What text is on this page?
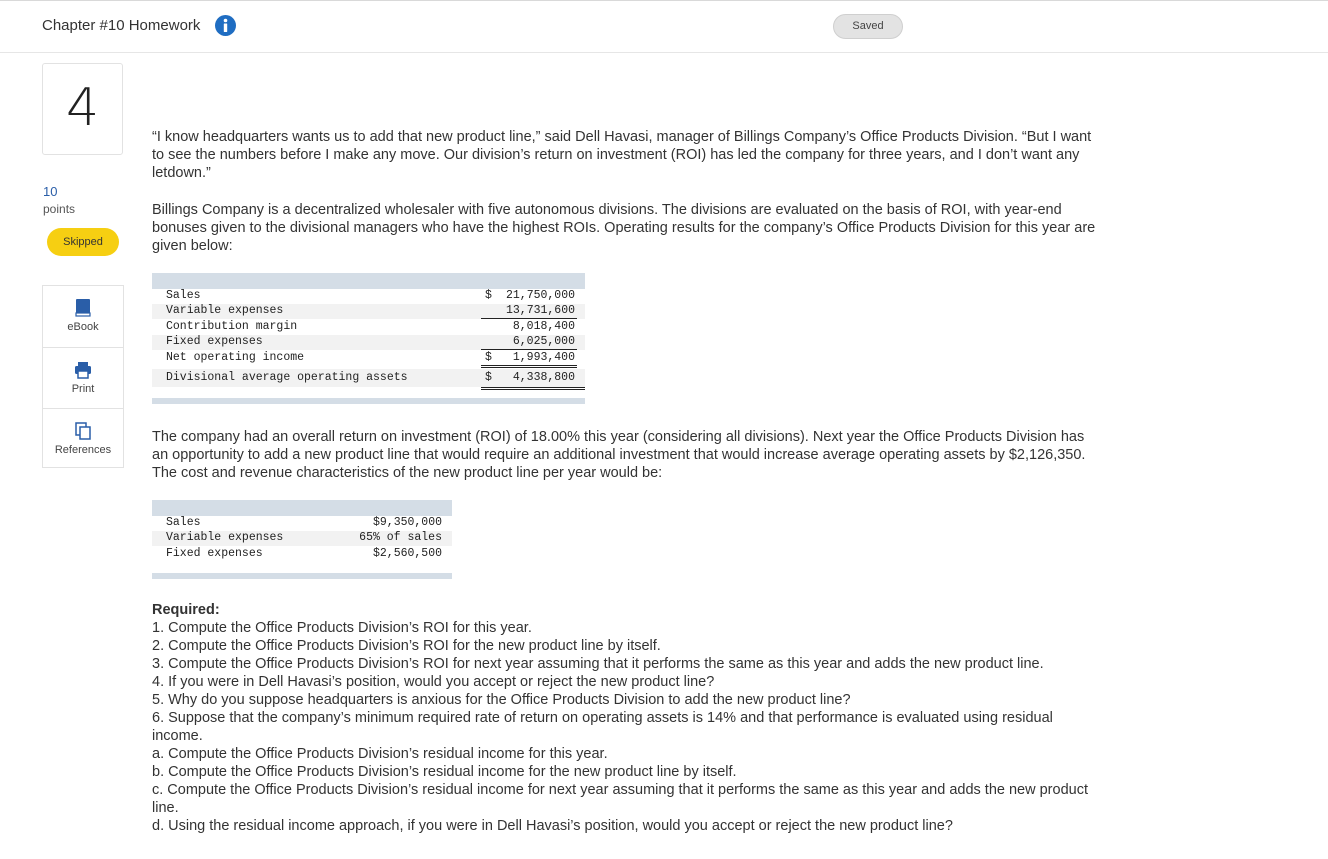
Chapter #10 Homework	Saved
4
10
points
Skipped
eBook
Print
References
“I know headquarters wants us to add that new product line,” said Dell Havasi, manager of Billings Company’s Office Products Division. “But I want to see the numbers before I make any move. Our division’s return on investment (ROI) has led the company for three years, and I don’t want any letdown.”
Billings Company is a decentralized wholesaler with five autonomous divisions. The divisions are evaluated on the basis of ROI, with year-end bonuses given to the divisional managers who have the highest ROIs. Operating results for the company’s Office Products Division for this year are given below:
Sales	$ 21,750,000
Variable expenses	13,731,600
Contribution margin	8,018,400
Fixed expenses	6,025,000
Net operating income	$ 1,993,400
Divisional average operating assets	$ 4,338,800
The company had an overall return on investment (ROI) of 18.00% this year (considering all divisions). Next year the Office Products Division has an opportunity to add a new product line that would require an additional investment that would increase average operating assets by $2,126,350. The cost and revenue characteristics of the new product line per year would be:
Sales	$9,350,000
Variable expenses	65% of sales
Fixed expenses	$2,560,500
Required:
1. Compute the Office Products Division’s ROI for this year.
2. Compute the Office Products Division’s ROI for the new product line by itself.
3. Compute the Office Products Division’s ROI for next year assuming that it performs the same as this year and adds the new product line.
4. If you were in Dell Havasi’s position, would you accept or reject the new product line?
5. Why do you suppose headquarters is anxious for the Office Products Division to add the new product line?
6. Suppose that the company’s minimum required rate of return on operating assets is 14% and that performance is evaluated using residual income.
a. Compute the Office Products Division’s residual income for this year.
b. Compute the Office Products Division’s residual income for the new product line by itself.
c. Compute the Office Products Division’s residual income for next year assuming that it performs the same as this year and adds the new product line.
d. Using the residual income approach, if you were in Dell Havasi’s position, would you accept or reject the new product line?
